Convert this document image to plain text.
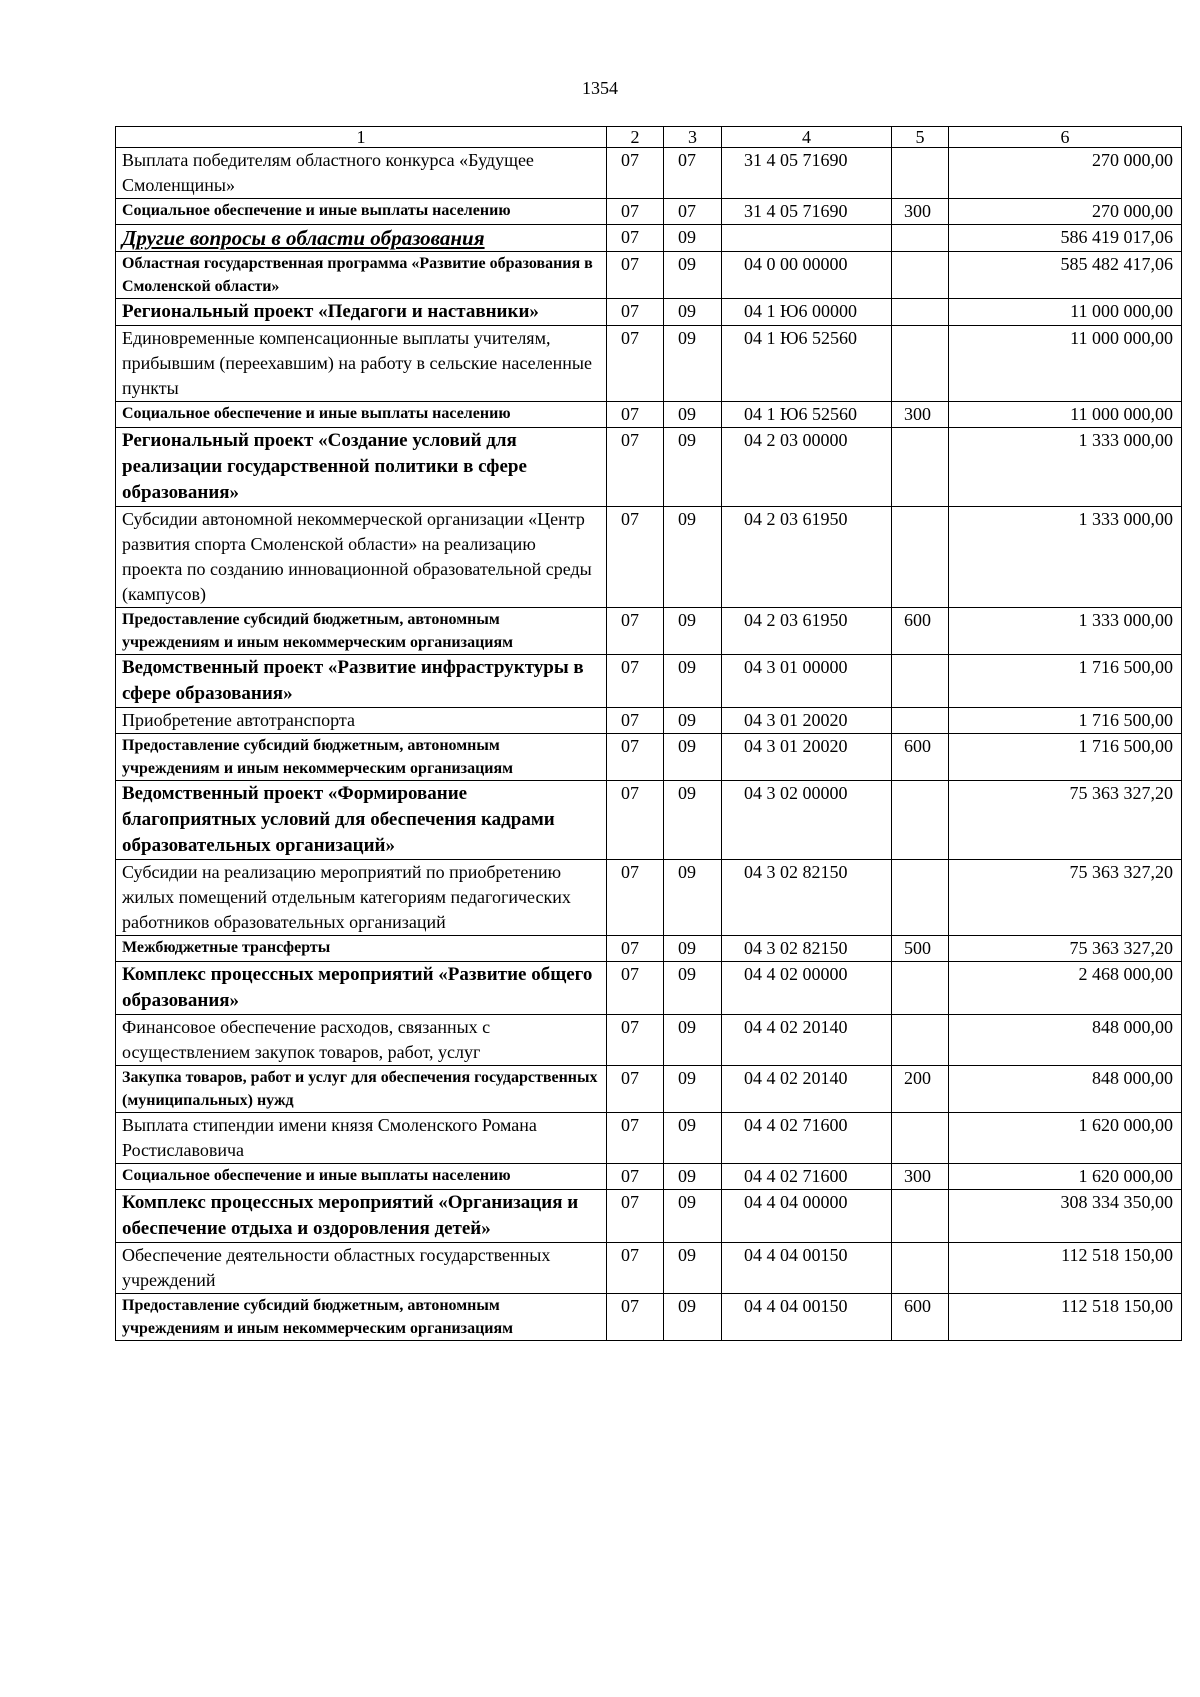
1354
1	2	3	4	5	6
Выплата победителям областного конкурса «Будущее Смоленщины»	07	07	31 4 05 71690		270 000,00
Социальное обеспечение и иные выплаты населению	07	07	31 4 05 71690	300	270 000,00
Другие вопросы в области образования	07	09			586 419 017,06
Областная государственная программа «Развитие образования в Смоленской области»	07	09	04 0 00 00000		585 482 417,06
Региональный проект «Педагоги и наставники»	07	09	04 1 Ю6 00000		11 000 000,00
Единовременные компенсационные выплаты учителям, прибывшим (переехавшим) на работу в сельские населенные пункты	07	09	04 1 Ю6 52560		11 000 000,00
Социальное обеспечение и иные выплаты населению	07	09	04 1 Ю6 52560	300	11 000 000,00
Региональный проект «Создание условий для реализации государственной политики в сфере образования»	07	09	04 2 03 00000		1 333 000,00
Субсидии автономной некоммерческой организации «Центр развития спорта Смоленской области» на реализацию проекта по созданию инновационной образовательной среды (кампусов)	07	09	04 2 03 61950		1 333 000,00
Предоставление субсидий бюджетным, автономным учреждениям и иным некоммерческим организациям	07	09	04 2 03 61950	600	1 333 000,00
Ведомственный проект «Развитие инфраструктуры в сфере образования»	07	09	04 3 01 00000		1 716 500,00
Приобретение автотранспорта	07	09	04 3 01 20020		1 716 500,00
Предоставление субсидий бюджетным, автономным учреждениям и иным некоммерческим организациям	07	09	04 3 01 20020	600	1 716 500,00
Ведомственный проект «Формирование благоприятных условий для обеспечения кадрами образовательных организаций»	07	09	04 3 02 00000		75 363 327,20
Субсидии на реализацию мероприятий по приобретению жилых помещений отдельным категориям педагогических работников образовательных организаций	07	09	04 3 02 82150		75 363 327,20
Межбюджетные трансферты	07	09	04 3 02 82150	500	75 363 327,20
Комплекс процессных мероприятий «Развитие общего образования»	07	09	04 4 02 00000		2 468 000,00
Финансовое обеспечение расходов, связанных с осуществлением закупок товаров, работ, услуг	07	09	04 4 02 20140		848 000,00
Закупка товаров, работ и услуг для обеспечения государственных (муниципальных) нужд	07	09	04 4 02 20140	200	848 000,00
Выплата стипендии имени князя Смоленского Романа Ростиславовича	07	09	04 4 02 71600		1 620 000,00
Социальное обеспечение и иные выплаты населению	07	09	04 4 02 71600	300	1 620 000,00
Комплекс процессных мероприятий «Организация и обеспечение отдыха и оздоровления детей»	07	09	04 4 04 00000		308 334 350,00
Обеспечение деятельности областных государственных учреждений	07	09	04 4 04 00150		112 518 150,00
Предоставление субсидий бюджетным, автономным учреждениям и иным некоммерческим организациям	07	09	04 4 04 00150	600	112 518 150,00
